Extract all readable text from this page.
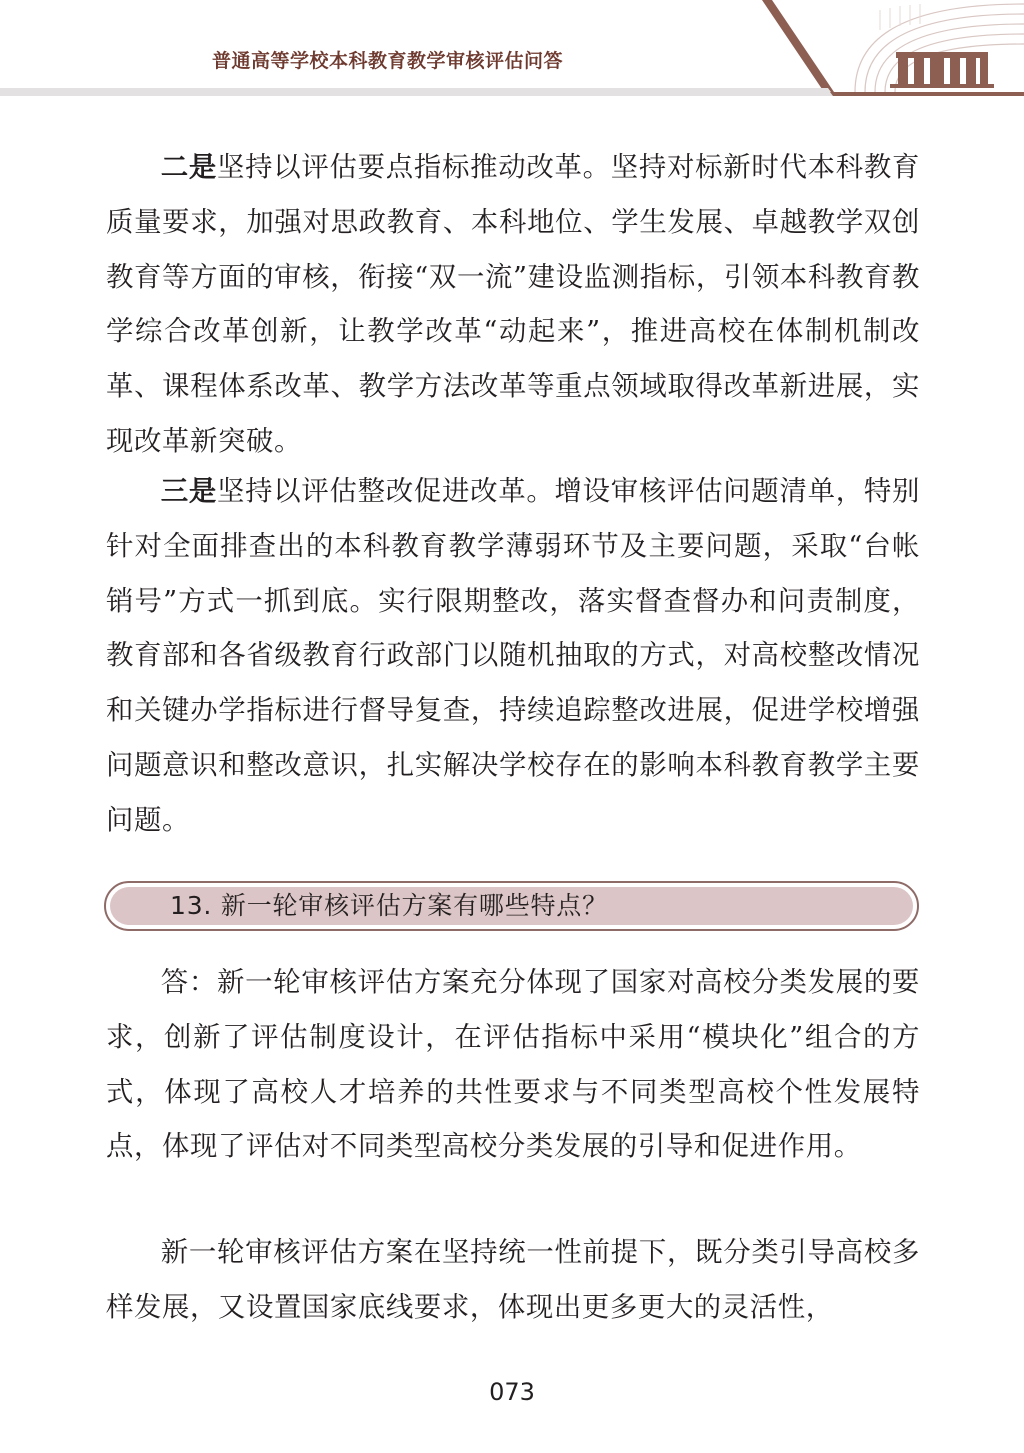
普通高等学校本科教育教学审核评估问答

二是坚持以评估要点指标推动改革。坚持对标新时代本科教育质量要求，加强对思政教育、本科地位、学生发展、卓越教学双创教育等方面的审核，衔接“双一流”建设监测指标，引领本科教育教学综合改革创新，让教学改革“动起来”，推进高校在体制机制改革、课程体系改革、教学方法改革等重点领域取得改革新进展，实现改革新突破。

三是坚持以评估整改促进改革。增设审核评估问题清单，特别针对全面排查出的本科教育教学薄弱环节及主要问题，采取“台帐销号”方式一抓到底。实行限期整改，落实督查督办和问责制度，教育部和各省级教育行政部门以随机抽取的方式，对高校整改情况和关键办学指标进行督导复查，持续追踪整改进展，促进学校增强问题意识和整改意识，扎实解决学校存在的影响本科教育教学主要问题。

13. 新一轮审核评估方案有哪些特点？

答：新一轮审核评估方案充分体现了国家对高校分类发展的要求，创新了评估制度设计，在评估指标中采用“模块化”组合的方式，体现了高校人才培养的共性要求与不同类型高校个性发展特点，体现了评估对不同类型高校分类发展的引导和促进作用。

新一轮审核评估方案在坚持统一性前提下，既分类引导高校多样发展，又设置国家底线要求，体现出更多更大的灵活性，

073
